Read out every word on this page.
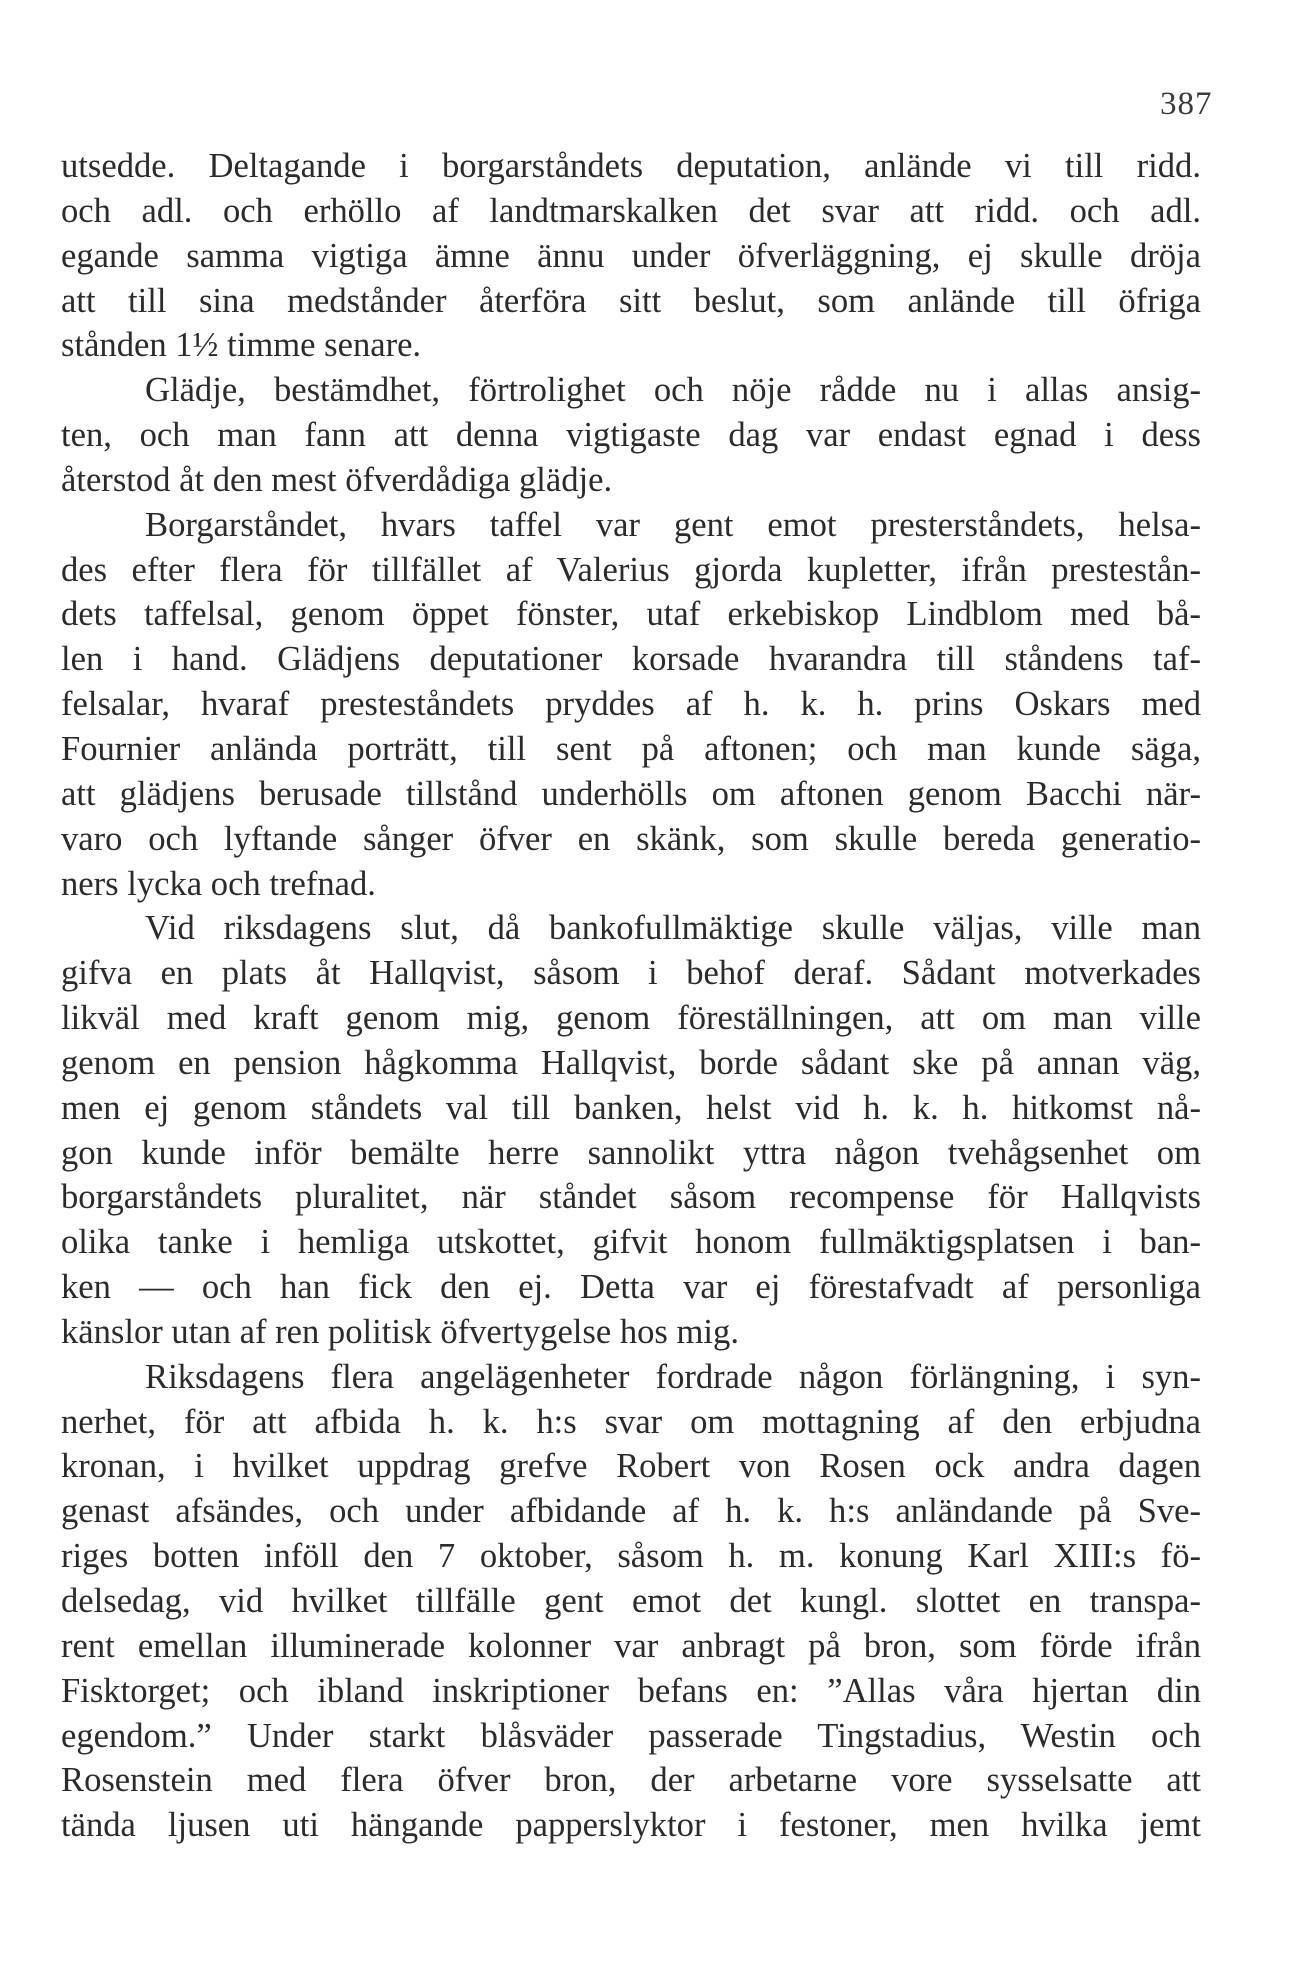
387
utsedde. Deltagande i borgarståndets deputation, anlände vi till ridd.
och adl. och erhöllo af landtmarskalken det svar att ridd. och adl.
egande samma vigtiga ämne ännu under öfverläggning, ej skulle dröja
att till sina medstånder återföra sitt beslut, som anlände till öfriga
stånden 1½ timme senare.
Glädje, bestämdhet, förtrolighet och nöje rådde nu i allas ansig-
ten, och man fann att denna vigtigaste dag var endast egnad i dess
återstod åt den mest öfverdådiga glädje.
Borgarståndet, hvars taffel var gent emot presterståndets, helsa-
des efter flera för tillfället af Valerius gjorda kupletter, ifrån prestestån-
dets taffelsal, genom öppet fönster, utaf erkebiskop Lindblom med bå-
len i hand. Glädjens deputationer korsade hvarandra till ståndens taf-
felsalar, hvaraf presteståndets pryddes af h. k. h. prins Oskars med
Fournier anlända porträtt, till sent på aftonen; och man kunde säga,
att glädjens berusade tillstånd underhölls om aftonen genom Bacchi när-
varo och lyftande sånger öfver en skänk, som skulle bereda generatio-
ners lycka och trefnad.
Vid riksdagens slut, då bankofullmäktige skulle väljas, ville man
gifva en plats åt Hallqvist, såsom i behof deraf. Sådant motverkades
likväl med kraft genom mig, genom föreställningen, att om man ville
genom en pension hågkomma Hallqvist, borde sådant ske på annan väg,
men ej genom ståndets val till banken, helst vid h. k. h. hitkomst nå-
gon kunde inför bemälte herre sannolikt yttra någon tvehågsenhet om
borgarståndets pluralitet, när ståndet såsom recompense för Hallqvists
olika tanke i hemliga utskottet, gifvit honom fullmäktigsplatsen i ban-
ken — och han fick den ej. Detta var ej förestafvadt af personliga
känslor utan af ren politisk öfvertygelse hos mig.
Riksdagens flera angelägenheter fordrade någon förlängning, i syn-
nerhet, för att afbida h. k. h:s svar om mottagning af den erbjudna
kronan, i hvilket uppdrag grefve Robert von Rosen ock andra dagen
genast afsändes, och under afbidande af h. k. h:s anländande på Sve-
riges botten inföll den 7 oktober, såsom h. m. konung Karl XIII:s fö-
delsedag, vid hvilket tillfälle gent emot det kungl. slottet en transpa-
rent emellan illuminerade kolonner var anbragt på bron, som förde ifrån
Fisktorget; och ibland inskriptioner befans en: ”Allas våra hjertan din
egendom.” Under starkt blåsväder passerade Tingstadius, Westin och
Rosenstein med flera öfver bron, der arbetarne vore sysselsatte att
tända ljusen uti hängande papperslyktor i festoner, men hvilka jemt
